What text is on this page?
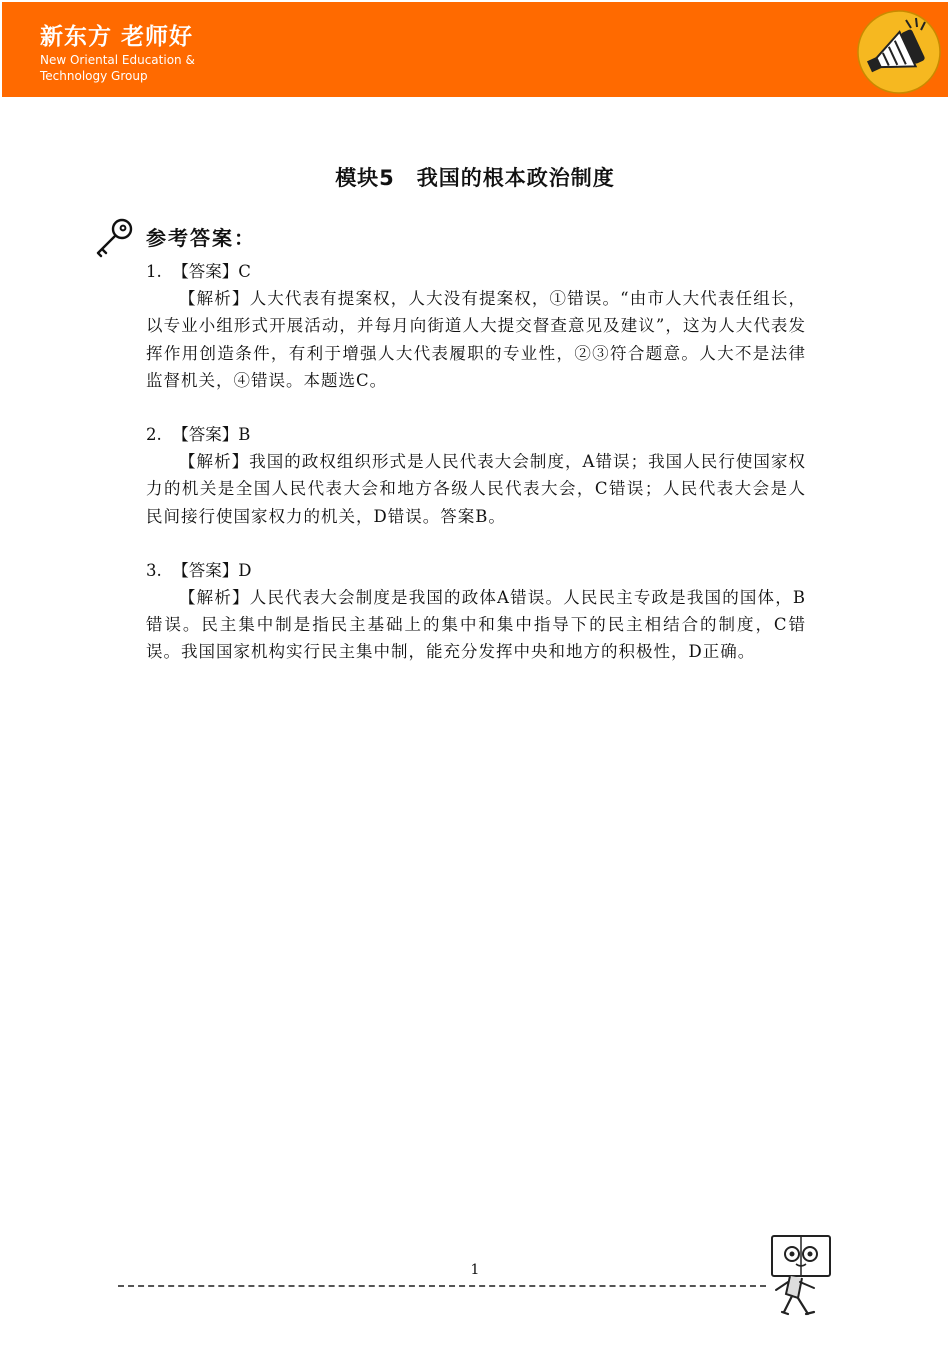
新东方 老师好
New Oriental Education &
Technology Group
模块5　我国的根本政治制度
参考答案：

1. 【答案】C

【解析】人大代表有提案权，人大没有提案权，①错误。“由市人大代表任组长，以专业小组形式开展活动，并每月向街道人大提交督查意见及建议”，这为人大代表发挥作用创造条件，有利于增强人大代表履职的专业性，②③符合题意。人大不是法律监督机关，④错误。本题选C。

2. 【答案】B

【解析】我国的政权组织形式是人民代表大会制度，A错误；我国人民行使国家权力的机关是全国人民代表大会和地方各级人民代表大会，C错误；人民代表大会是人民间接行使国家权力的机关，D错误。答案B。

3. 【答案】D

【解析】人民代表大会制度是我国的政体A错误。人民民主专政是我国的国体，B错误。民主集中制是指民主基础上的集中和集中指导下的民主相结合的制度，C错误。我国国家机构实行民主集中制，能充分发挥中央和地方的积极性，D正确。

1
